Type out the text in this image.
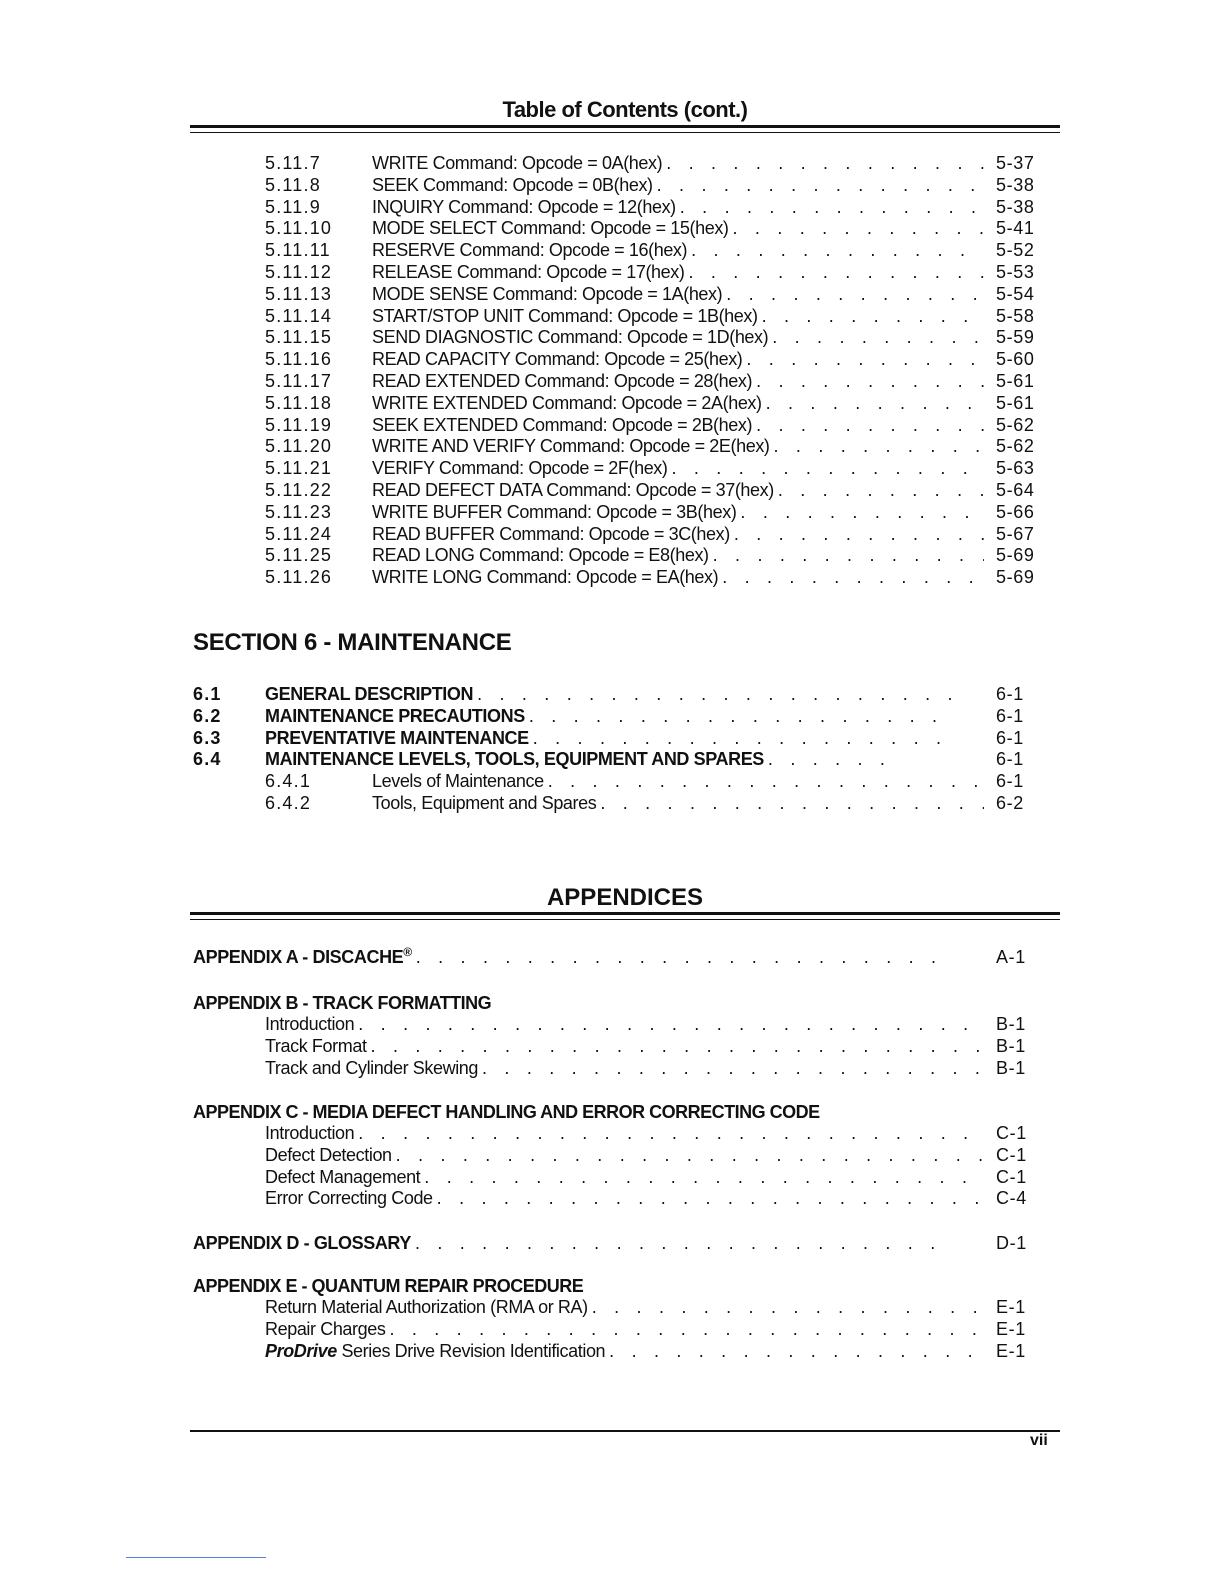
Table of Contents (cont.)
5.11.7	WRITE Command: Opcode = 0A(hex) . . .	5-37
5.11.8	SEEK Command: Opcode = 0B(hex) . . .	5-38
5.11.9	INQUIRY Command: Opcode = 12(hex) . . .	5-38
5.11.10 MODE SELECT Command: Opcode = 15(hex) . . .	5-41
5.11.11 RESERVE Command: Opcode = 16(hex) . . .	5-52
5.11.12 RELEASE Command: Opcode = 17(hex) . . .	5-53
5.11.13 MODE SENSE Command: Opcode = 1A(hex) . . .	5-54
5.11.14 START/STOP UNIT Command: Opcode = 1B(hex) . . .	5-58
5.11.15 SEND DIAGNOSTIC Command: Opcode = 1D(hex) . . .	5-59
5.11.16 READ CAPACITY Command: Opcode = 25(hex) . . .	5-60
5.11.17 READ EXTENDED Command: Opcode = 28(hex) . . .	5-61
5.11.18 WRITE EXTENDED Command: Opcode = 2A(hex) . . .	5-61
5.11.19 SEEK EXTENDED Command: Opcode = 2B(hex) . . .	5-62
5.11.20 WRITE AND VERIFY Command: Opcode = 2E(hex) . . .	5-62
5.11.21 VERIFY Command: Opcode = 2F(hex) . . .	5-63
5.11.22 READ DEFECT DATA Command: Opcode = 37(hex) . . .	5-64
5.11.23 WRITE BUFFER Command: Opcode = 3B(hex) . . .	5-66
5.11.24 READ BUFFER Command: Opcode = 3C(hex) . . .	5-67
5.11.25 READ LONG Command: Opcode = E8(hex) . . .	5-69
5.11.26 WRITE LONG Command: Opcode = EA(hex) . . .	5-69
SECTION 6 - MAINTENANCE
6.1 GENERAL DESCRIPTION . . .	6-1
6.2 MAINTENANCE PRECAUTIONS . . .	6-1
6.3 PREVENTATIVE MAINTENANCE . . .	6-1
6.4 MAINTENANCE LEVELS, TOOLS, EQUIPMENT AND SPARES . . .	6-1
6.4.1	Levels of Maintenance . . .	6-1
6.4.2	Tools, Equipment and Spares . . .	6-2
APPENDICES
APPENDIX A - DISCACHE® . . .	A-1
APPENDIX B - TRACK FORMATTING
Introduction . . .	B-1
Track Format . . .	B-1
Track and Cylinder Skewing . . .	B-1
APPENDIX C - MEDIA DEFECT HANDLING AND ERROR CORRECTING CODE
Introduction . . .	C-1
Defect Detection . . .	C-1
Defect Management . . .	C-1
Error Correcting Code . . .	C-4
APPENDIX D - GLOSSARY . . .	D-1
APPENDIX E - QUANTUM REPAIR PROCEDURE
Return Material Authorization (RMA or RA) . . .	E-1
Repair Charges . . .	E-1
ProDrive Series Drive Revision Identification . . .	E-1
vii
